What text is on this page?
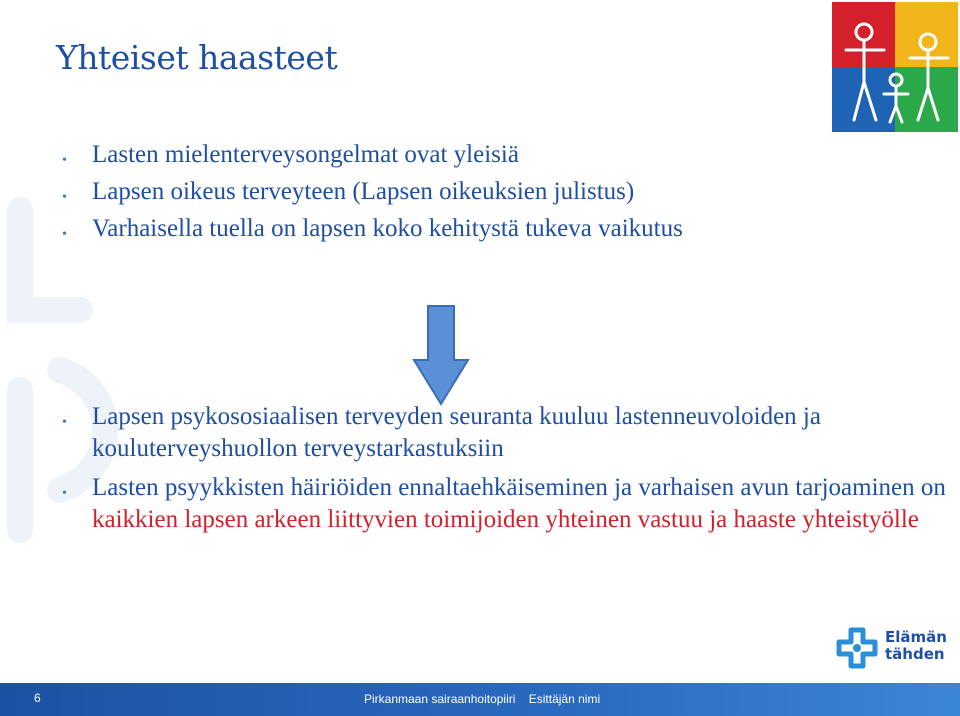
Yhteiset haasteet
• Lasten mielenterveysongelmat ovat yleisiä
• Lapsen oikeus terveyteen (Lapsen oikeuksien julistus)
• Varhaisella tuella on lapsen koko kehitystä tukeva vaikutus
• Lapsen psykososiaalisen terveyden seuranta kuuluu lastenneuvoloiden ja kouluterveyshuollon terveystarkastuksiin
• Lasten psyykkisten häiriöiden ennaltaehkäiseminen ja varhaisen avun tarjoaminen on kaikkien lapsen arkeen liittyvien toimijoiden yhteinen vastuu ja haaste yhteistyölle
Elämän
tähden
6	Pirkanmaan sairaanhoitopiiri    Esittäjän nimi
